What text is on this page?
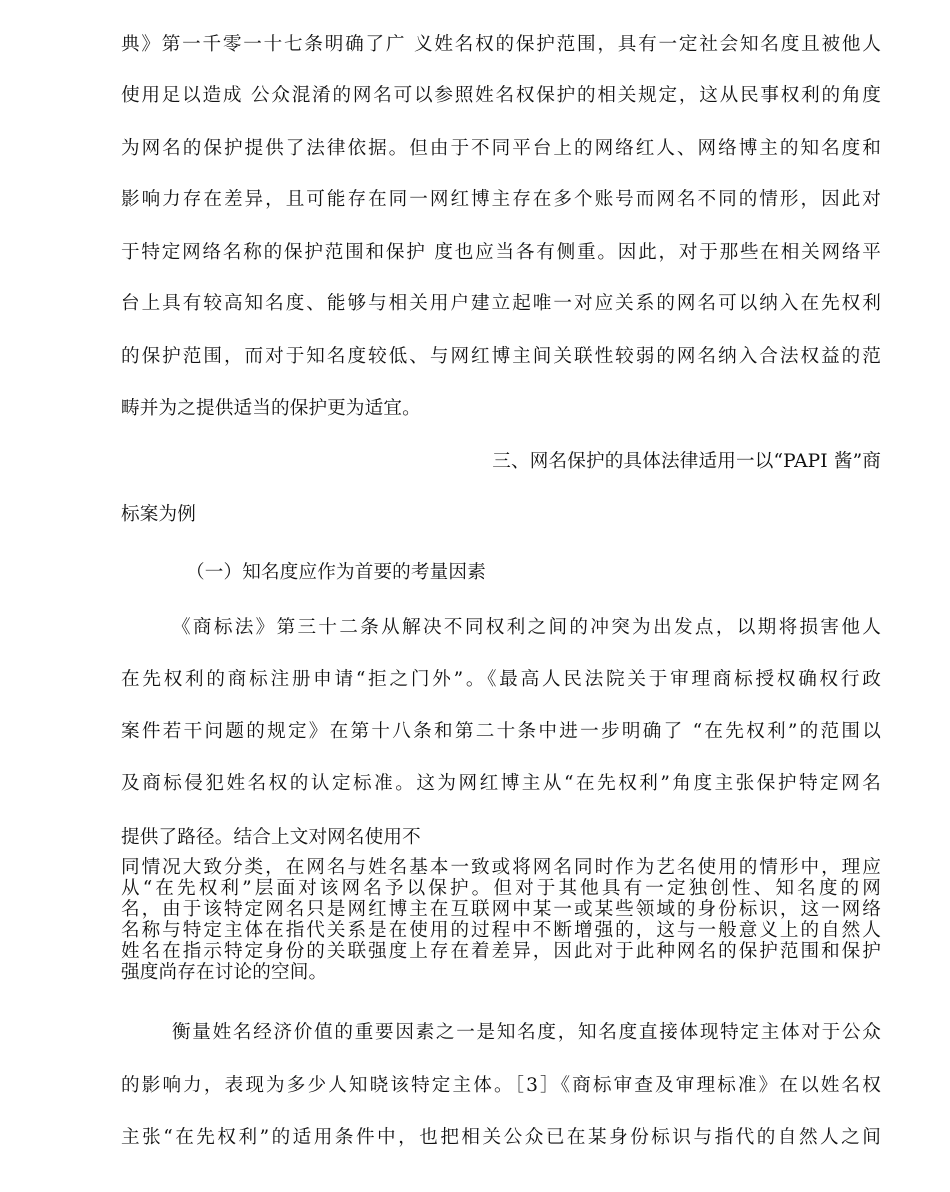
典》第一千零一十七条明确了广 义姓名权的保护范围，具有一定社会知名度且被他人
使用足以造成 公众混淆的网名可以参照姓名权保护的相关规定，这从民事权利的角度
为网名的保护提供了法律依据。但由于不同平台上的网络红人、网络博主的知名度和
影响力存在差异，且可能存在同一网红博主存在多个账号而网名不同的情形，因此对
于特定网络名称的保护范围和保护 度也应当各有侧重。因此，对于那些在相关网络平
台上具有较高知名度、能够与相关用户建立起唯一对应关系的网名可以纳入在先权利
的保护范围，而对于知名度较低、与网红博主间关联性较弱的网名纳入合法权益的范
畴并为之提供适当的保护更为适宜。
三、网名保护的具体法律适用一以“PAPI 酱”商
标案为例
（一）知名度应作为首要的考量因素
《商标法》第三十二条从解决不同权利之间的冲突为出发点，以期将损害他人
在先权利的商标注册申请“拒之门外”。《最高人民法院关于审理商标授权确权行政
案件若干问题的规定》在第十八条和第二十条中进一步明确了 “在先权利”的范围以
及商标侵犯姓名权的认定标准。这为网红博主从“在先权利”角度主张保护特定网名
提供了路径。结合上文对网名使用不
同情况大致分类，在网名与姓名基本一致或将网名同时作为艺名使用的情形中，理应
从“在先权利”层面对该网名予以保护。但对于其他具有一定独创性、知名度的网
名，由于该特定网名只是网红博主在互联网中某一或某些领域的身份标识，这一网络
名称与特定主体在指代关系是在使用的过程中不断增强的，这与一般意义上的自然人
姓名在指示特定身份的关联强度上存在着差异，因此对于此种网名的保护范围和保护
强度尚存在讨论的空间。
衡量姓名经济价值的重要因素之一是知名度，知名度直接体现特定主体对于公众
的影响力，表现为多少人知晓该特定主体。［3］《商标审查及审理标准》在以姓名权
主张“在先权利”的适用条件中，也把相关公众已在某身份标识与指代的自然人之间
